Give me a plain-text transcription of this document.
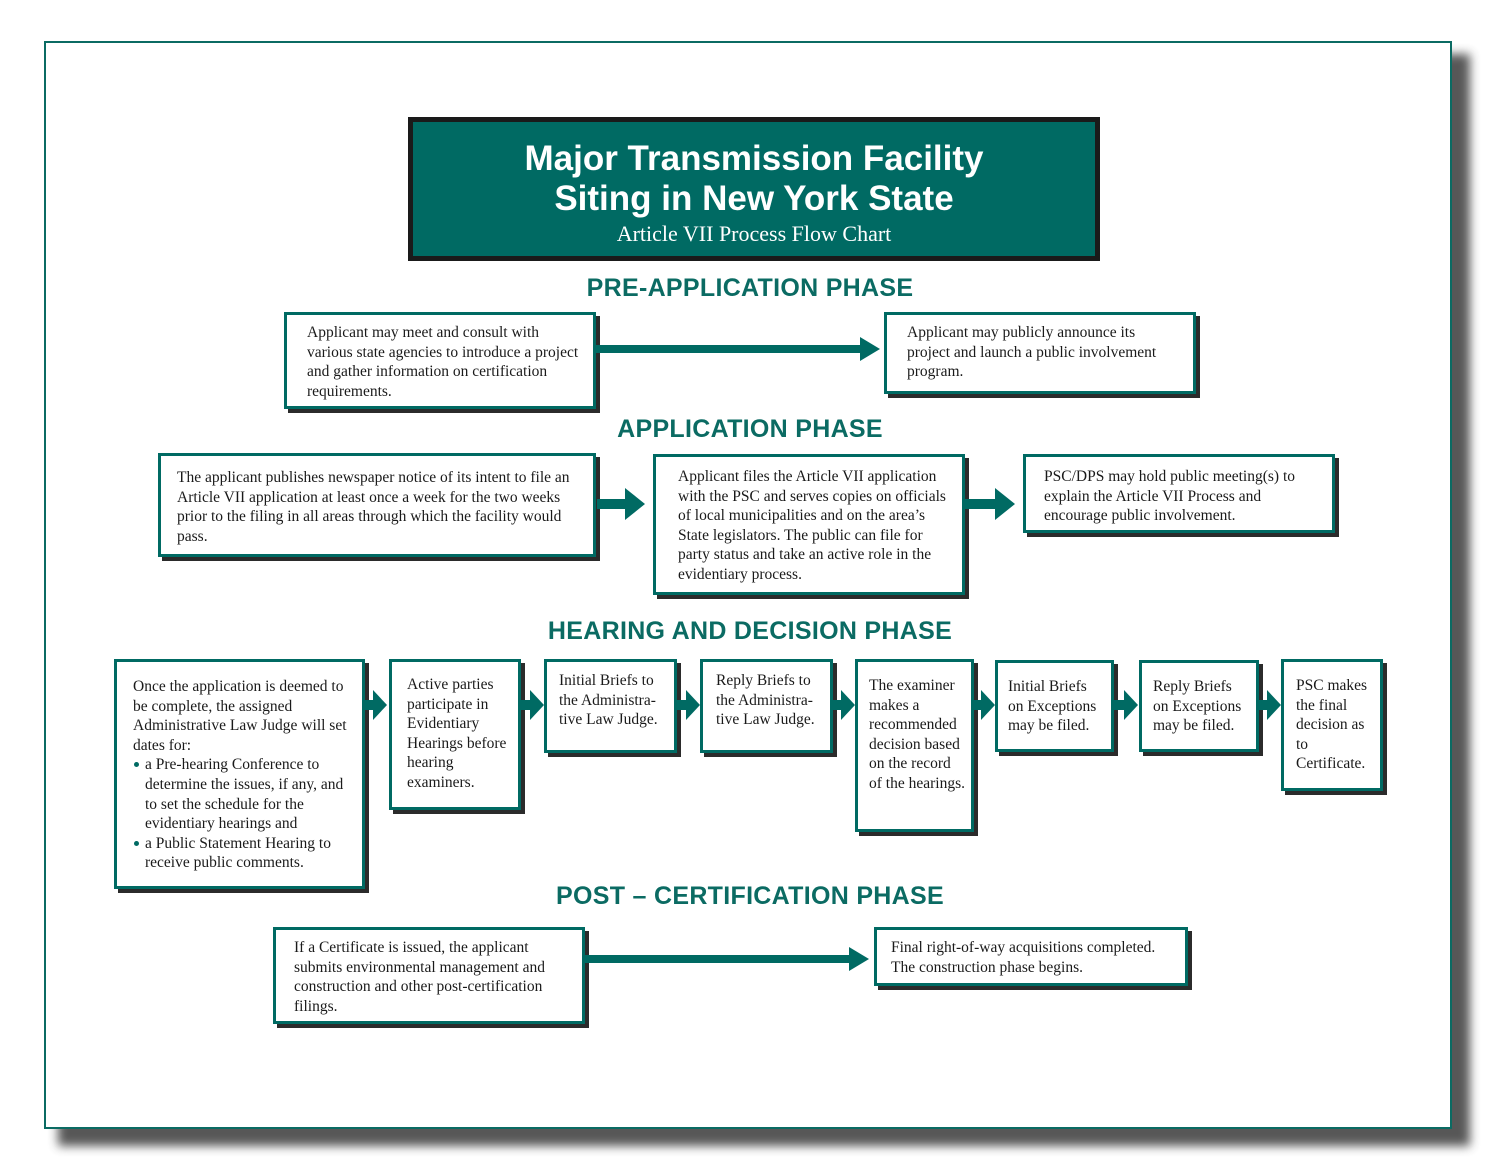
Major Transmission Facility
Siting in New York State
Article VII Process Flow Chart
PRE-APPLICATION PHASE

Applicant may meet and consult with various state agencies to introduce a project and gather information on certification requirements.

Applicant may publicly announce its project and launch a public involvement program.

APPLICATION PHASE

The applicant publishes newspaper notice of its intent to file an Article VII application at least once a week for the two weeks prior to the filing in all areas through which the facility would pass.

Applicant files the Article VII application with the PSC and serves copies on officials of local municipalities and on the area’s State legislators. The public can file for party status and take an active role in the evidentiary process.

PSC/DPS may hold public meeting(s) to explain the Article VII Process and encourage public involvement.

HEARING AND DECISION PHASE

Once the application is deemed to be complete, the assigned Administrative Law Judge will set dates for:

a Pre-hearing Conference to determine the issues, if any, and to set the schedule for the evidentiary hearings and
a Public Statement Hearing to receive public comments.

Active parties participate in Evidentiary Hearings before hearing examiners.

Initial Briefs to the Administra-tive Law Judge.

Reply Briefs to the Administra-tive Law Judge.

The examiner makes a recommended decision based on the record of the hearings.

Initial Briefs on Exceptions may be filed.

Reply Briefs on Exceptions may be filed.

PSC makes the final decision as to Certificate.

POST – CERTIFICATION PHASE

If a Certificate is issued, the applicant submits environmental management and construction and other post-certification filings.

Final right-of-way acquisitions completed. The construction phase begins.
